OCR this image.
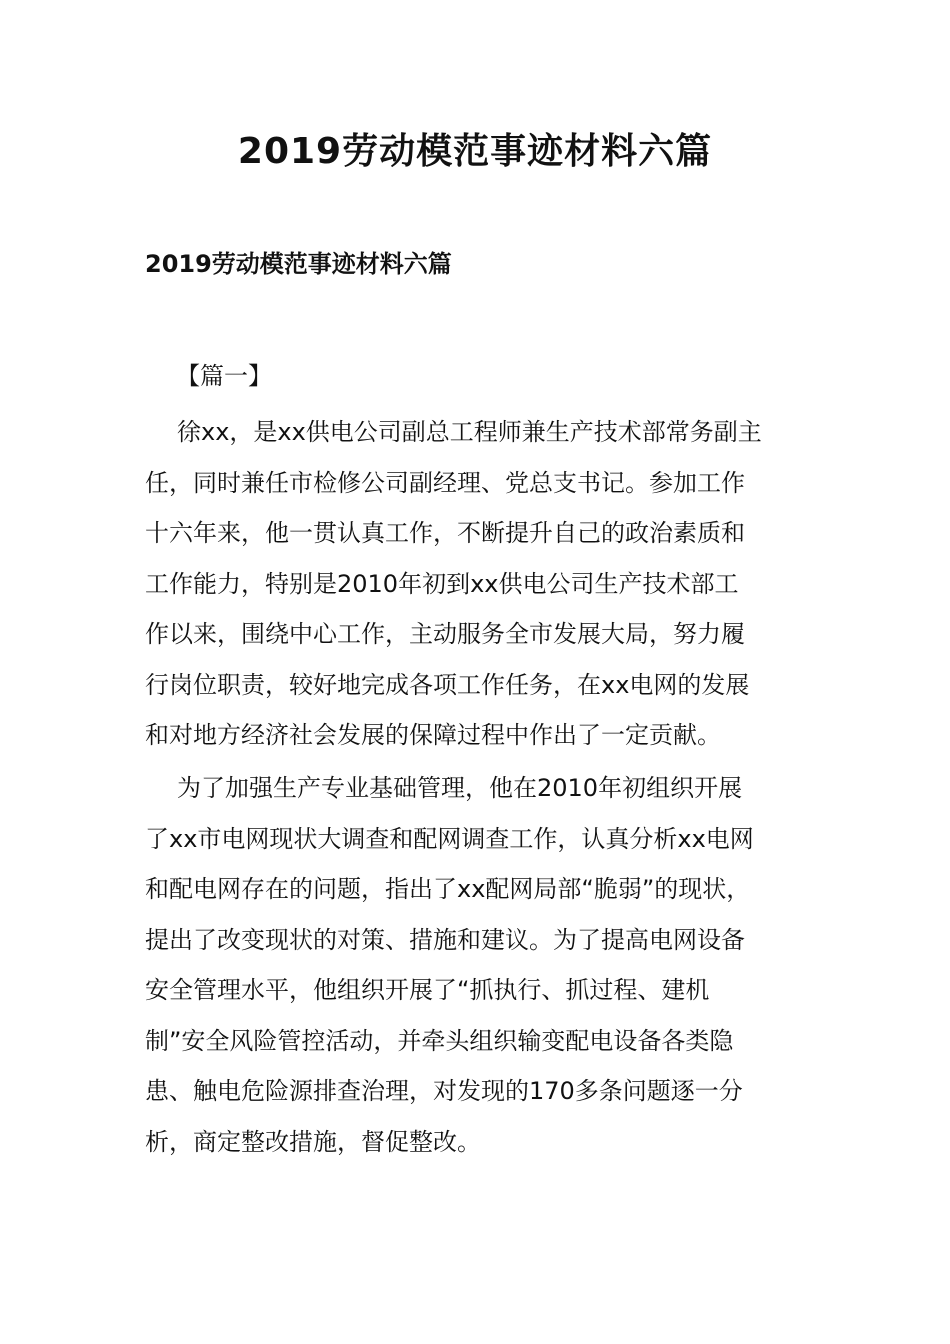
2019劳动模范事迹材料六篇
2019劳动模范事迹材料六篇

【篇一】

徐xx，是xx供电公司副总工程师兼生产技术部常务副主
任，同时兼任市检修公司副经理、党总支书记。参加工作
十六年来，他一贯认真工作，不断提升自己的政治素质和
工作能力，特别是2010年初到xx供电公司生产技术部工
作以来，围绕中心工作，主动服务全市发展大局，努力履
行岗位职责，较好地完成各项工作任务，在xx电网的发展
和对地方经济社会发展的保障过程中作出了一定贡献。
为了加强生产专业基础管理，他在2010年初组织开展
了xx市电网现状大调查和配网调查工作，认真分析xx电网
和配电网存在的问题，指出了xx配网局部“脆弱”的现状，
提出了改变现状的对策、措施和建议。为了提高电网设备
安全管理水平，他组织开展了“抓执行、抓过程、建机
制”安全风险管控活动，并牵头组织输变配电设备各类隐
患、触电危险源排查治理，对发现的170多条问题逐一分
析，商定整改措施，督促整改。
